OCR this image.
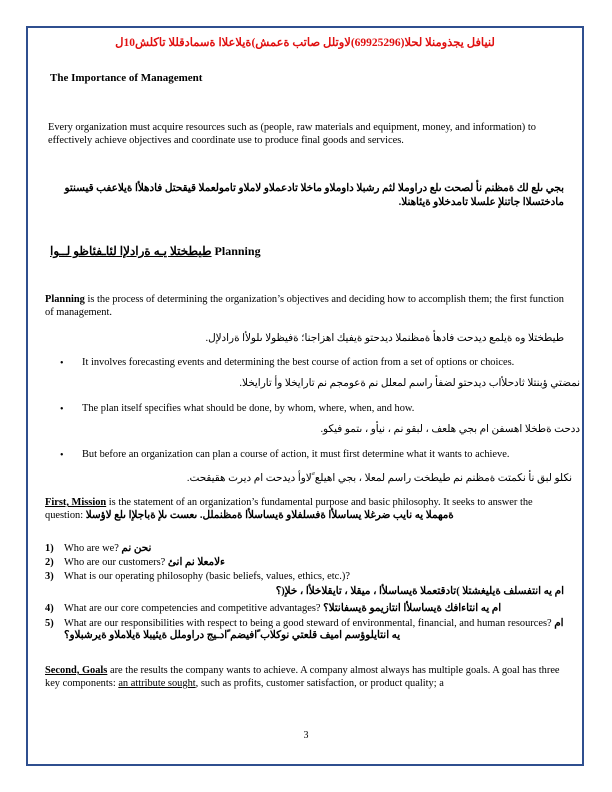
لنيافل يجذومنلا لحلا(69925296)لاوتلل صاتب ةعمش)ةيلاعلاا ةسمادقللا تاكلش10ل
The Importance of Management
Every organization must acquire resources such as (people, raw materials and equipment, money, and information) to effectively achieve objectives and coordinate use to produce final goods and services.
بجي ىلع لك ةمظنم نأ لصحت ىلع دراوملا لثم رشبلا داوملاو ماخلا تادعملاو لاملاو تامولعملا قيقحتل فادهلأا ةيلاعفب قيسنتو
مادختسلاا جاتنلإ علسلا تامدخلاو ةيئاهنلا.
طيطختلا يـه ةرادلإا لئاـفئاظو لــوا Planning
Planning is the process of determining the organization’s objectives and deciding how to accomplish them; the first function of management.
طيطختلا وه ةيلمع ديدحت فادهأ ةمظنملا ديدحتو ةيفيك اهزاجنا؛ ةفيظولا ىلولأا ةرادلإل.
• It involves forecasting events and determining the best course of action from a set of options or choices.
نمضتي ؤبنتلا ثادحلأاب ديدحتو لضفأ راسم لمعلل نم ةعومجم نم تارايخلا وأ تارايخلا.
• The plan itself specifies what should be done, by whom, where, when, and how.
ددحت ةطخلا اهسفن ام بجي هلعف ، لبقو نم ، نيأو ، ىتمو فيكو.
• But before an organization can plan a course of action, it must first determine what it wants to achieve.
نكلو لبق نأ نكمتت ةمظنم نم طيطخت راسم لمعلا ، بجي اهيلع ًلاوأ ديدحت ام ديرت هقيقحت.
First, Mission is the statement of an organization’s fundamental purpose and basic philosophy. It seeks to answer the question: ةمهملا يه نايب ضرغلا يساسلأا ةفسلفلاو ةيساسلأا ةمظنملل. ىعست ىلإ ةباجلإا ىلع لاؤسلا
1) Who are we? نحن نم
2) Who are our customers? ءلامعلا نم انئ
3) What is our operating philosophy (basic beliefs, values, ethics, etc.)?
ام يه انتفسلف ةيليغشتلا )تادقتعملا ةيساسلأا ، ميقلا ، تايقلاخلأا ، خلإ(؟
4) What are our core competencies and competitive advantages? ام يه انتاءافك ةيساسلأا انتازيمو ةيسفانتلا؟
5) What are our responsibilities with respect to being a good steward of environmental, financial, and human resources? ام يه انتايلوؤسم اميف قلعتي نوكلاب ًافيضم ًادـيج دراوملل ةيئيبلا ةيلاملاو ةيرشبلاو؟
Second, Goals are the results the company wants to achieve. A company almost always has multiple goals. A goal has three key components: an attribute sought, such as profits, customer satisfaction, or product quality; a
3
